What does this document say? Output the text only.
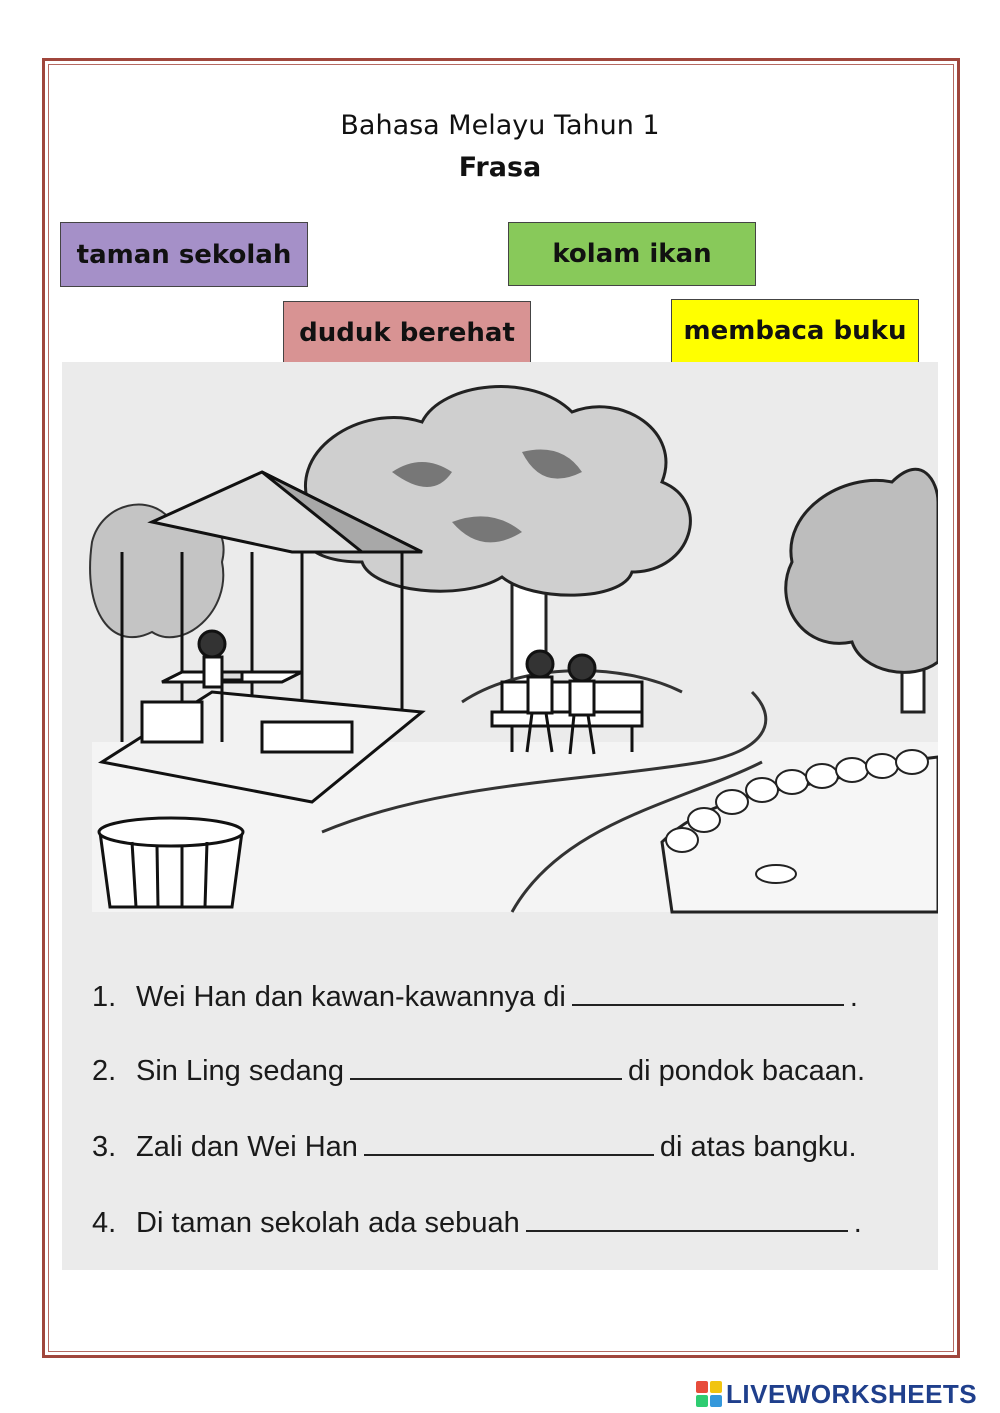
Bahasa Melayu Tahun 1
Frasa
taman sekolah	kolam ikan
duduk berehat	membaca buku
1. Wei Han dan kawan-kawannya di	.
2. Sin Ling sedang	di pondok bacaan.
3. Zali dan Wei Han	di atas bangku.
4. Di taman sekolah ada sebuah	.
LIVEWORKSHEETS
